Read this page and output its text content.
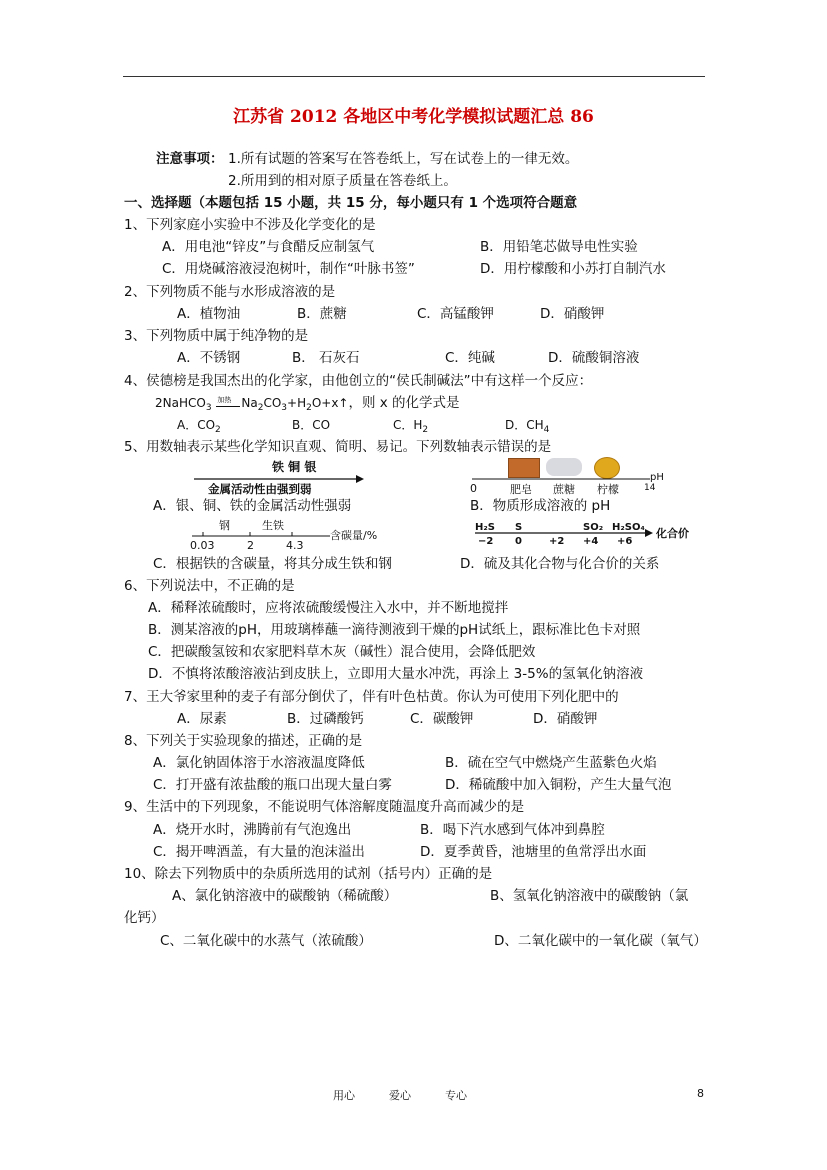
江苏省 2012 各地区中考化学模拟试题汇总 86
注意事项： 1.所有试题的答案写在答卷纸上，写在试卷上的一律无效。
2.所用到的相对原子质量在答卷纸上。
一、选择题（本题包括 15 小题，共 15 分，每小题只有 1 个选项符合题意
1、下列家庭小实验中不涉及化学变化的是
A．用电池“锌皮”与食醋反应制氢气	B．用铅笔芯做导电性实验
C．用烧碱溶液浸泡树叶，制作“叶脉书签”	D．用柠檬酸和小苏打自制汽水
2、下列物质不能与水形成溶液的是
A．植物油	B．蔗糖	C．高锰酸钾	D．硝酸钾
3、下列物质中属于纯净物的是
A．不锈钢	B． 石灰石	C．纯碱	D．硫酸铜溶液
4、侯德榜是我国杰出的化学家，由他创立的“侯氏制碱法”中有这样一个反应：
2NaHCO$_3$
加热 $Na_2CO_3+H_2O+x↑$，则 x 的化学式是
A．$CO_2$	B．CO	C．$H_2$	D．$CH_4$
5、用数轴表示某些化学知识直观、简明、易记。下列数轴表示错误的是
铁 铜 银
金属活动性由强到弱	0	肥皂 蔗糖 柠檬	14
pH
A．银、铜、铁的金属活动性强弱	B．物质形成溶液的 pH
钢	生铁
含碳量/%
0.03	2	4.3
H₂S S	SO₂ H₂SO₄
−2 0	+2 +4 +6
化合价
C．根据铁的含碳量，将其分成生铁和钢	D．硫及其化合物与化合价的关系
6、下列说法中，不正确的是
A．稀释浓硫酸时，应将浓硫酸缓慢注入水中，并不断地搅拌
B．测某溶液的pH，用玻璃棒蘸一滴待测液到干燥的pH试纸上，跟标准比色卡对照
C．把碳酸氢铵和农家肥料草木灰（碱性）混合使用，会降低肥效
D．不慎将浓酸溶液沾到皮肤上，立即用大量水冲洗，再涂上 3-5%的氢氧化钠溶液
7、王大爷家里种的麦子有部分倒伏了，伴有叶色枯黄。你认为可使用下列化肥中的
A．尿素	B．过磷酸钙	C．碳酸钾	D．硝酸钾
8、下列关于实验现象的描述，正确的是
A．氯化钠固体溶于水溶液温度降低	B．硫在空气中燃烧产生蓝紫色火焰
C．打开盛有浓盐酸的瓶口出现大量白雾	D．稀硫酸中加入铜粉，产生大量气泡
9、生活中的下列现象，不能说明气体溶解度随温度升高而减少的是
A．烧开水时，沸腾前有气泡逸出	B．喝下汽水感到气体冲到鼻腔
C．揭开啤酒盖，有大量的泡沫溢出	D．夏季黄昏，池塘里的鱼常浮出水面
10、除去下列物质中的杂质所选用的试剂（括号内）正确的是
A、氯化钠溶液中的碳酸钠（稀硫酸）	B、氢氧化钠溶液中的碳酸钠（氯
化钙）
C、二氧化碳中的水蒸气（浓硫酸）	D、二氧化碳中的一氧化碳（氧气）
用心	爱心	专心	8
